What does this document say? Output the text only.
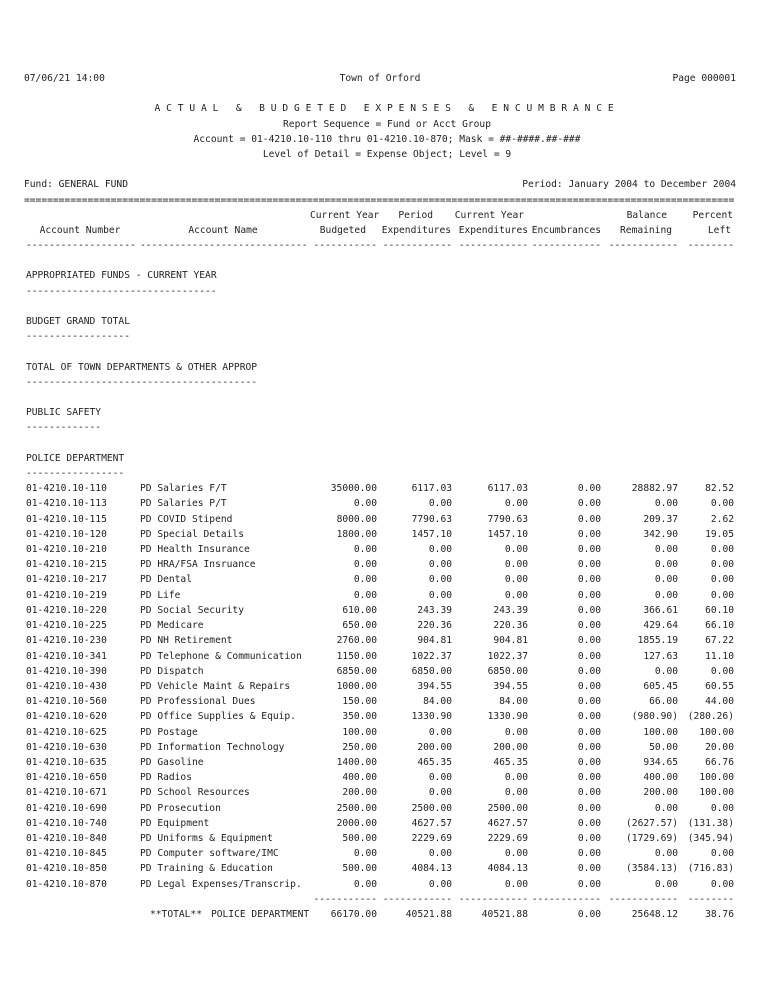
07/06/21 14:00	Town of Orford	Page 000001
ACTUAL & BUDGETED EXPENSES & ENCUMBRANCE
Report Sequence = Fund or Acct Group
Account = 01-4210.10-110 thru 01-4210.10-870; Mask = ##-####.##-###
Level of Detail = Expense Object; Level = 9
Fund: GENERAL FUND	Period: January 2004 to December 2004
===========================================================================================================================
		Current Year	Period	Current Year		Balance	Percent
Account Number	Account Name	Budgeted	Expenditures	Expenditures	Encumbrances	Remaining	Left
-------------------	-----------------------------	-----------	------------	------------	------------	------------	--------

APPROPRIATED FUNDS - CURRENT YEAR							
---------------------------------							

BUDGET GRAND TOTAL							
------------------							

TOTAL OF TOWN DEPARTMENTS & OTHER APPROP							
----------------------------------------							

PUBLIC SAFETY							
-------------							

POLICE DEPARTMENT							
-----------------							
01-4210.10-110	PD Salaries F/T	35000.00	6117.03	6117.03	0.00	28882.97	82.52
01-4210.10-113	PD Salaries P/T	0.00	0.00	0.00	0.00	0.00	0.00
01-4210.10-115	PD COVID Stipend	8000.00	7790.63	7790.63	0.00	209.37	2.62
01-4210.10-120	PD Special Details	1800.00	1457.10	1457.10	0.00	342.90	19.05
01-4210.10-210	PD Health Insurance	0.00	0.00	0.00	0.00	0.00	0.00
01-4210.10-215	PD HRA/FSA Insruance	0.00	0.00	0.00	0.00	0.00	0.00
01-4210.10-217	PD Dental	0.00	0.00	0.00	0.00	0.00	0.00
01-4210.10-219	PD Life	0.00	0.00	0.00	0.00	0.00	0.00
01-4210.10-220	PD Social Security	610.00	243.39	243.39	0.00	366.61	60.10
01-4210.10-225	PD Medicare	650.00	220.36	220.36	0.00	429.64	66.10
01-4210.10-230	PD NH Retirement	2760.00	904.81	904.81	0.00	1855.19	67.22
01-4210.10-341	PD Telephone & Communication	1150.00	1022.37	1022.37	0.00	127.63	11.10
01-4210.10-390	PD Dispatch	6850.00	6850.00	6850.00	0.00	0.00	0.00
01-4210.10-430	PD Vehicle Maint & Repairs	1000.00	394.55	394.55	0.00	605.45	60.55
01-4210.10-560	PD Professional Dues	150.00	84.00	84.00	0.00	66.00	44.00
01-4210.10-620	PD Office Supplies & Equip.	350.00	1330.90	1330.90	0.00	(980.90)	(280.26)
01-4210.10-625	PD Postage	100.00	0.00	0.00	0.00	100.00	100.00
01-4210.10-630	PD Information Technology	250.00	200.00	200.00	0.00	50.00	20.00
01-4210.10-635	PD Gasoline	1400.00	465.35	465.35	0.00	934.65	66.76
01-4210.10-650	PD Radios	400.00	0.00	0.00	0.00	400.00	100.00
01-4210.10-671	PD School Resources	200.00	0.00	0.00	0.00	200.00	100.00
01-4210.10-690	PD Prosecution	2500.00	2500.00	2500.00	0.00	0.00	0.00
01-4210.10-740	PD Equipment	2000.00	4627.57	4627.57	0.00	(2627.57)	(131.38)
01-4210.10-840	PD Uniforms & Equipment	500.00	2229.69	2229.69	0.00	(1729.69)	(345.94)
01-4210.10-845	PD Computer software/IMC	0.00	0.00	0.00	0.00	0.00	0.00
01-4210.10-850	PD Training & Education	500.00	4084.13	4084.13	0.00	(3584.13)	(716.83)
01-4210.10-870	PD Legal Expenses/Transcrip.	0.00	0.00	0.00	0.00	0.00	0.00
		-----------	------------	------------	------------	------------	--------
	**TOTAL** POLICE DEPARTMENT	66170.00	40521.88	40521.88	0.00	25648.12	38.76
